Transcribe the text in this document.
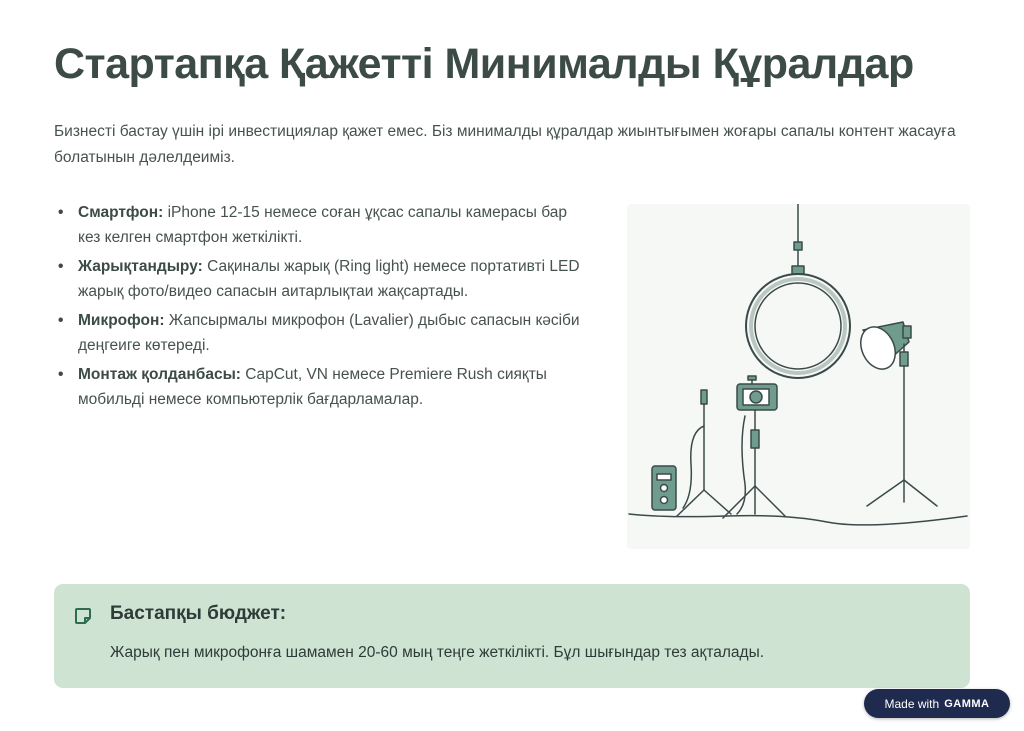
Стартапқа Қажетті Минималды Құралдар
Бизнесті бастау үшін ірі инвестициялар қажет емес. Біз минималды құралдар жиынтығымен жоғары сапалы контент жасауға болатынын дәлелдеиміз.
• Смартфон: iPhone 12-15 немесе соған ұқсас сапалы камерасы бар кез келген смартфон жеткілікті.
• Жарықтандыру: Сақиналы жарық (Ring light) немесе портативті LED жарық фото/видео сапасын аитарлықтаи жақсартады.
• Микрофон: Жапсырмалы микрофон (Lavalier) дыбыс сапасын кәсіби деңгеиге көтереді.
• Монтаж қолданбасы: CapCut, VN немесе Premiere Rush сияқты мобильді немесе компьютерлік бағдарламалар.
Бастапқы бюджет:
Жарық пен микрофонға шамамен 20-60 мың теңге жеткілікті. Бұл шығындар тез ақталады.
Made with GAMMA
